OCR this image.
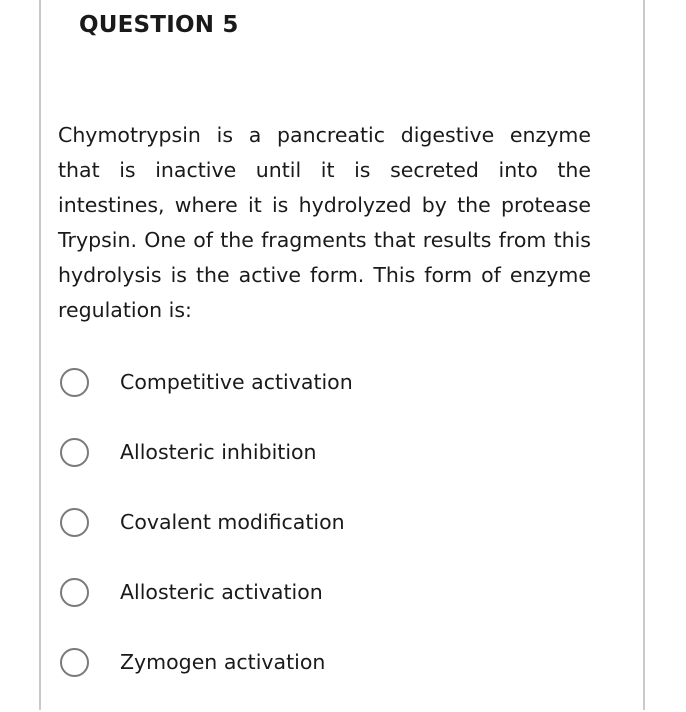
QUESTION 5

Chymotrypsin is a pancreatic digestive enzyme that is inactive until it is secreted into the intestines, where it is hydrolyzed by the protease Trypsin. One of the fragments that results from this hydrolysis is the active form. This form of enzyme regulation is:

Competitive activation
Allosteric inhibition
Covalent modification
Allosteric activation
Zymogen activation
